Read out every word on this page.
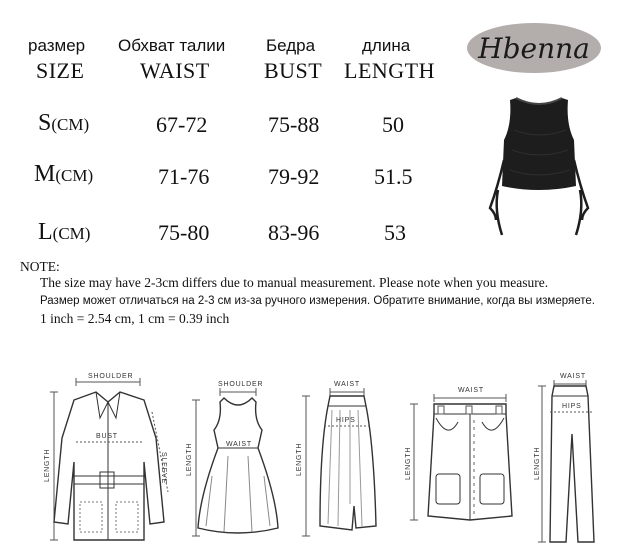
размер
SIZE
Обхват талии
WAIST
Бедра
BUST
длина
LENGTH
Hbenna
S(CM)	67-72	75-88	50
M(CM)	71-76	79-92 51.5
L(CM)	75-80	83-96	53
NOTE:
The size may have 2-3cm differs due to manual measurement. Please note when you measure.
Размер может отличаться на 2-3 см из-за ручного измерения. Обратите внимание, когда вы измеряете.
1 inch = 2.54 cm, 1 cm = 0.39 inch
SHOULDER
BUST
LENGTH	SLEEVE
SHOULDER
WAIST
LENGTH
WAIST
HIPS
LENGTH
WAIST
LENGTH
WAIST
HIPS
LENGTH
